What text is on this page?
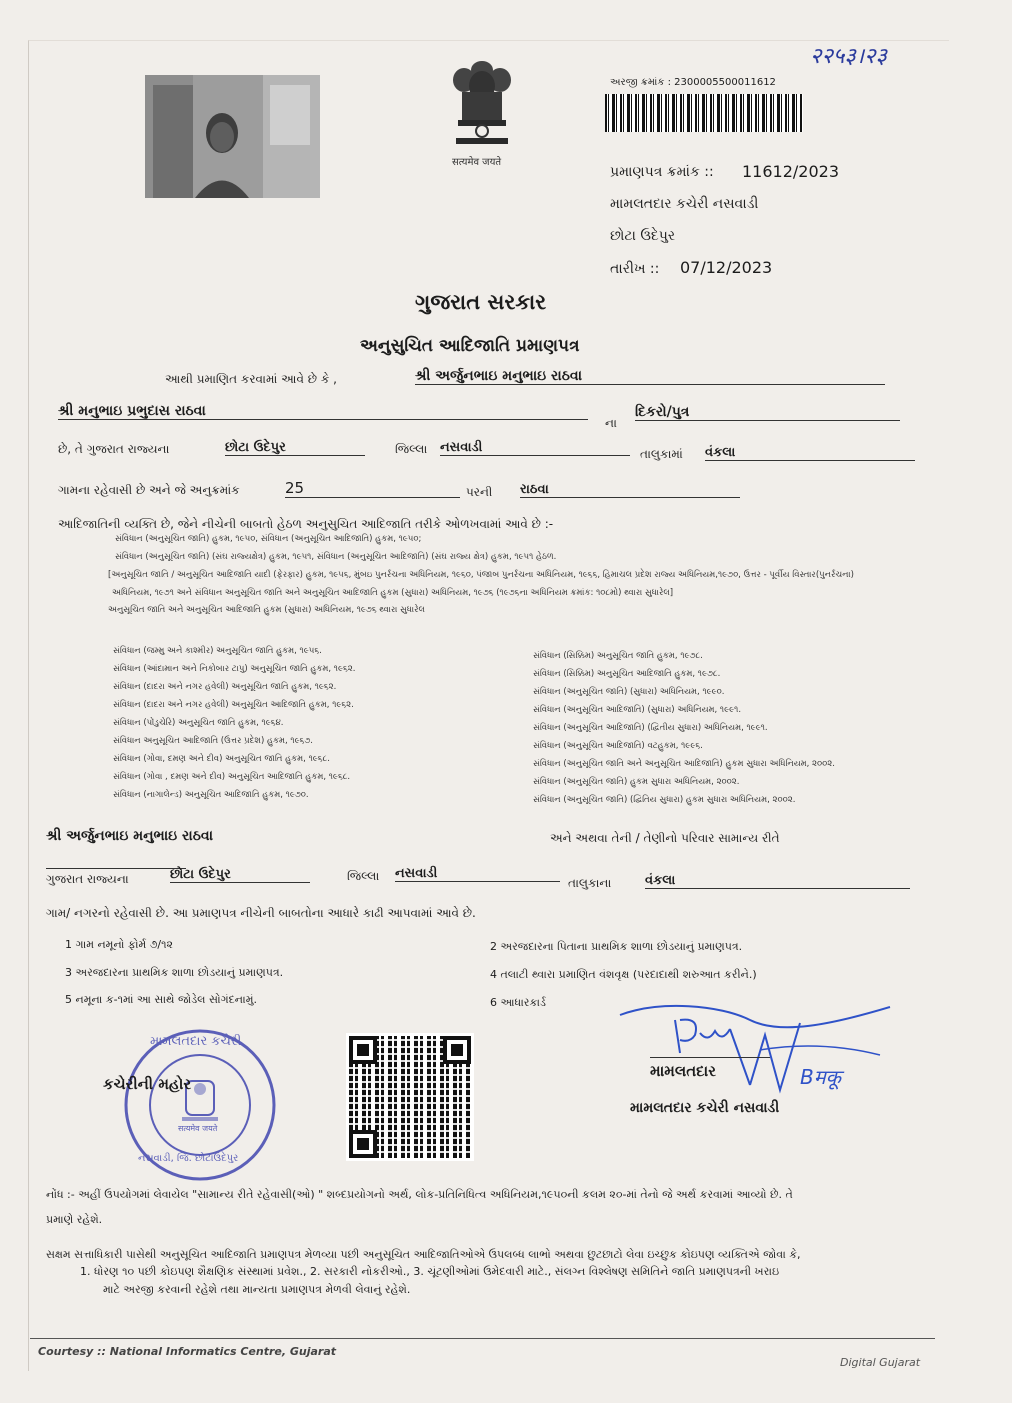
२२५३।२३
सत्यमेव जयते
અરજી ક્રમાંક : 2300005500011612
પ્રમાણપત્ર ક્રમાંક :: 11612/2023
મામલતદાર કચેરી નસવાડી
છોટા ઉદેપુર
તારીખ :: 07/12/2023
ગુજરાત સરકાર
અનુસુચિત આદિજાતિ પ્રમાણપત્ર
આથી પ્રમાણિત કરવામાં આવે છે કે ,	શ્રી અર્જુનભાઇ મનુભાઇ રાઠવા
શ્રી મનુભાઇ પ્રભુદાસ રાઠવા
ના
દિકરો/પુત્ર
છે, તે ગુજરાત રાજ્યના	છોટા ઉદેપુર	જિલ્લા નસવાડી	તાલુકામાં વંકલા
ગામના રહેવાસી છે અને જે અનુક્રમાંક	25	પરની રાઠવા
આદિજાતિની વ્યક્તિ છે, જેને નીચેની બાબતો હેઠળ અનુસુચિત આદિજાતિ તરીકે ઓળખવામાં આવે છે :-
સંવિધાન (અનુસૂચિત જાતિ) હુકમ, ૧૯૫૦, સંવિધાન (અનુસૂચિત આદિજાતિ) હુકમ, ૧૯૫૦;
સંવિધાન (અનુસૂચિત જાતિ) (સંઘ રાજ્યક્ષેત્ર) હુકમ, ૧૯૫૧, સંવિધાન (અનુસૂચિત આદિજાતિ) (સંઘ રાજ્ય ક્ષેત્ર) હુકમ, ૧૯૫૧ હેઠળ.
[અનુસૂચિત જાતિ / અનુસૂચિત આદિજાતિ યાદી (ફેરફાર) હુકમ, ૧૯૫૬, મુંબઇ પુનર્રચના અધિનિયમ, ૧૯૬૦, પંજાબ પુનર્રચના અધિનિયમ, ૧૯૬૬, હિમાચલ પ્રદેશ રાજ્ય અધિનિયમ,૧૯૭૦, ઉત્તર - પૂર્વીય વિસ્તાર(પુનર્રચના)
અધિનિયમ, ૧૯૭૧ અને સંવિધાન અનુસૂચિત જાતિ અને અનુસૂચિત આદિજાતિ હુકમ (સુધારા) અધિનિયમ, ૧૯૭૬ (૧૯૭૬ના અધિનિયમ ક્રમાંક: ૧૦૮મો) થ્વારા સુધારેલ]
અનુસૂચિત જાતિ અને અનુસૂચિત આદિજાતિ હુકમ (સુધારા) અધિનિયમ, ૧૯૭૬ થ્વારા સુધારેલ
સંવિધાન (જમ્મુ અને કાશ્મીર) અનુસૂચિત જાતિ હુકમ, ૧૯૫૬.
સંવિધાન (આંદામાન અને નિકોબાર ટાપુ) અનુસૂચિત જાતિ હુકમ, ૧૯૬૨.
સંવિધાન (દાદરા અને નગર હવેલી) અનુસૂચિત જાતિ હુકમ, ૧૯૬૨.
સંવિધાન (દાદરા અને નગર હવેલી) અનુસૂચિત આદિજાતિ હુકમ, ૧૯૬૨.
સંવિધાન (પોંડુચેરિ) અનુસૂચિત જાતિ હુકમ, ૧૯૬૪.
સંવિધાન અનુસૂચિત આદિજાતિ (ઉત્તર પ્રદેશ) હુકમ, ૧૯૬૭.
સંવિધાન (ગોવા, દમણ અને દીવ) અનુસૂચિત જાતિ હુકમ, ૧૯૬૮.
સંવિધાન (ગોવા , દમણ અને દીવ) અનુસૂચિત આદિજાતિ હુકમ, ૧૯૬૮.
સંવિધાન (નાગાલેન્ડ) અનુસૂચિત આદિજાતિ હુકમ, ૧૯૭૦.
સંવિધાન (સિક્કિમ) અનુસૂચિત જાતિ હુકમ, ૧૯૭૮.
સંવિધાન (સિક્કિમ) અનુસૂચિત આદિજાતિ હુકમ, ૧૯૭૮.
સંવિધાન (અનુસૂચિત જાતિ) (સુધારા) અધિનિયમ, ૧૯૯૦.
સંવિધાન (અનુસૂચિત આદિજાતિ) (સુધારા) અધિનિયમ, ૧૯૯૧.
સંવિધાન (અનુસૂચિત આદિજાતિ) (દ્વિતીય સુધારા) અધિનિયમ, ૧૯૯૧.
સંવિધાન (અનુસૂચિત આદિજાતિ) વટહુકમ, ૧૯૯૬.
સંવિધાન (અનુસૂચિત જાતિ અને અનુસૂચિત આદિજાતિ) હુકમ સુધારા અધિનિયમ, ૨૦૦૨.
સંવિધાન (અનુસૂચિત જાતિ) હુકમ સુધારા અધિનિયમ, ૨૦૦૨.
સંવિધાન (અનુસૂચિત જાતિ) (દ્વિતિય સુધારા) હુકમ સુધારા અધિનિયમ, ૨૦૦૨.
શ્રી અર્જુનભાઇ મનુભાઇ રાઠવા	અને અથવા તેની / તેણીનો પરિવાર સામાન્ય રીતે
ગુજરાત રાજ્યના	છોટા ઉદેપુર	જિલ્લા નસવાડી
તાલુકાના	વંકલા
ગામ/ નગરનો રહેવાસી છે. આ પ્રમાણપત્ર નીચેની બાબતોના આધારે કાઢી આપવામાં આવે છે.
1 ગામ નમૂનો ફોર્મ ૭/૧૨	2 અરજદારના પિતાના પ્રાથમિક શાળા છોડયાનું પ્રમાણપત્ર.
3 અરજદારના પ્રાથમિક શાળા છોડયાનું પ્રમાણપત્ર.	4 તલાટી થ્વારા પ્રમાણિત વંશવૃક્ષ (પરદાદાથી શરુઆત કરીને.)
5 નમૂના ક-૧માં આ સાથે જોડેલ સોગંદનામું.	6 આધારકાર્ડ
મામલતદાર કચેરી
सत्यमेव जयते
નસવાડી, જિ. છોટાઉદેપુર
કચેરીની મહોર	Bमकू
મામલતદાર
મામલતદાર કચેરી નસવાડી
નોંધ :- અહીં ઉપયોગમાં લેવાયેલ "સામાન્ય રીતે રહેવાસી(ઓ) " શબ્દપ્રયોગનો અર્થ, લોક-પ્રતિનિધિત્વ અધિનિયમ,૧૯૫૦ની કલમ ૨૦-માં તેનો જે અર્થ કરવામાં આવ્યો છે. તે
પ્રમાણે રહેશે.
સક્ષમ સત્તાધિકારી પાસેથી અનુસૂચિત આદિજાતિ પ્રમાણપત્ર મેળવ્યા પછી અનુસૂચિત આદિજાતિઓએ ઉપલબ્ધ લાભો અથવા છુટછાટો લેવા ઇચ્છુક કોઇપણ વ્યક્તિએ જોવા કે,
1. ધોરણ ૧૦ પછી કોઇપણ શૈક્ષણિક સંસ્થામાં પ્રવેશ., 2. સરકારી નોકરીઓ., 3. ચૂંટણીઓમાં ઉમેદવારી માટે., સંલગ્ન વિશ્લેષણ સમિતિને જાતિ પ્રમાણપત્રની ખરાઇ
માટે અરજી કરવાની રહેશે તથા માન્યતા પ્રમાણપત્ર મેળવી લેવાનું રહેશે.
Courtesy :: National Informatics Centre, Gujarat
Digital Gujarat
